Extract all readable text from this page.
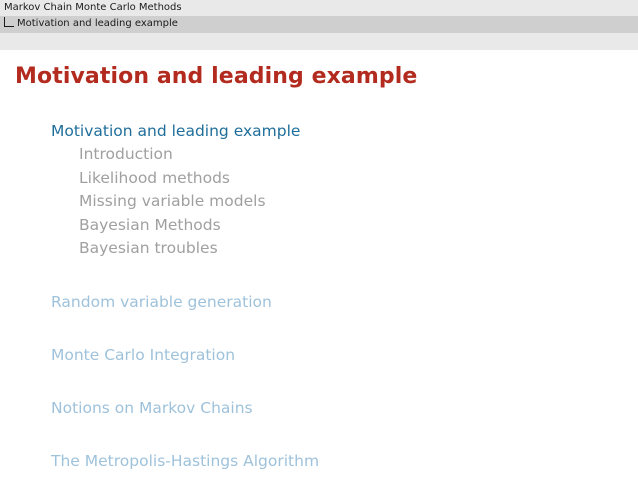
Markov Chain Monte Carlo Methods
Motivation and leading example
Motivation and leading example
Motivation and leading example
Introduction
Likelihood methods
Missing variable models
Bayesian Methods
Bayesian troubles
Random variable generation
Monte Carlo Integration
Notions on Markov Chains
The Metropolis-Hastings Algorithm
